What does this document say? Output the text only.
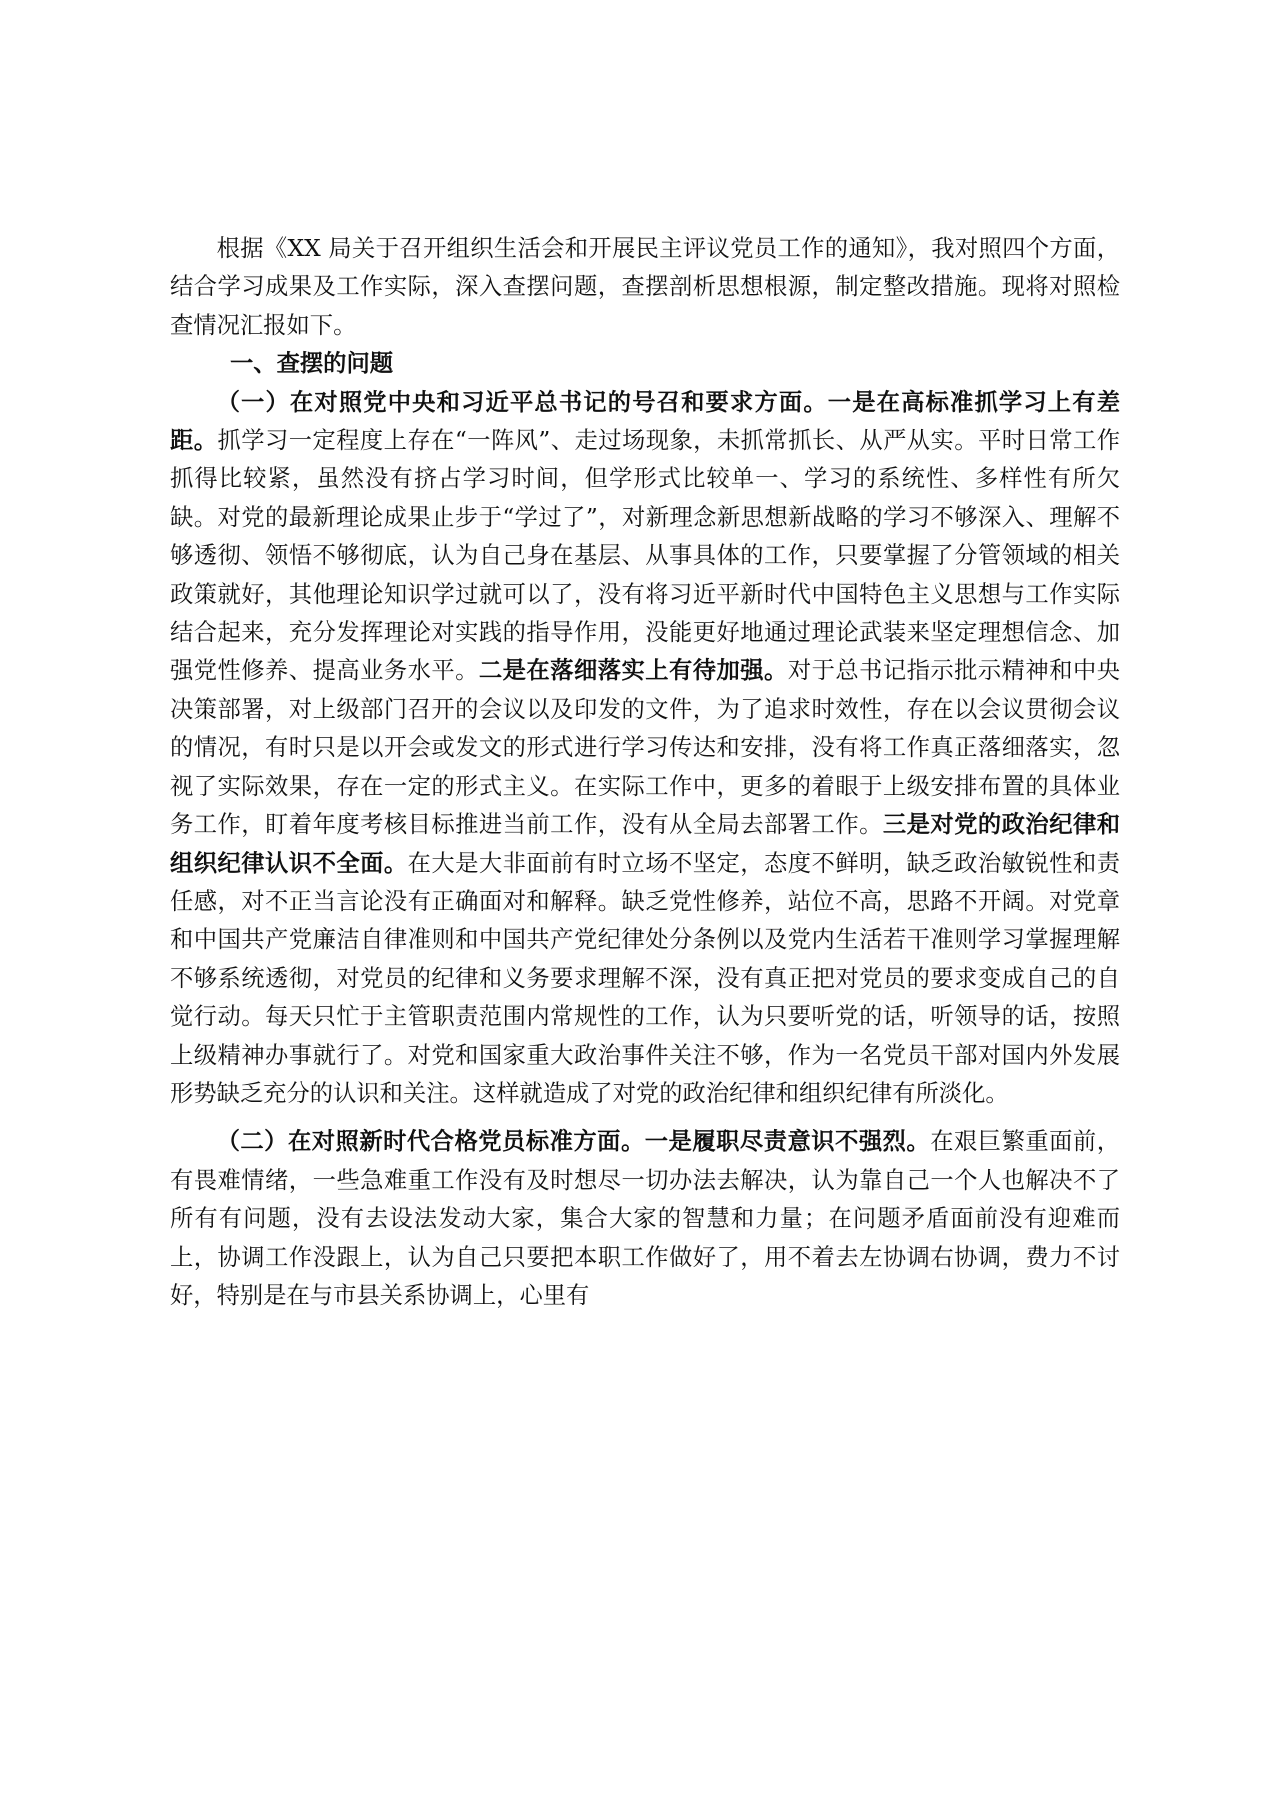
根据《XX 局关于召开组织生活会和开展民主评议党员工作的通知》，我对照四个方面，结合学习成果及工作实际，深入查摆问题，查摆剖析思想根源，制定整改措施。现将对照检查情况汇报如下。

一、查摆的问题

（一）在对照党中央和习近平总书记的号召和要求方面。一是在高标准抓学习上有差距。抓学习一定程度上存在“一阵风”、走过场现象，未抓常抓长、从严从实。平时日常工作抓得比较紧，虽然没有挤占学习时间，但学形式比较单一、学习的系统性、多样性有所欠缺。对党的最新理论成果止步于“学过了”，对新理念新思想新战略的学习不够深入、理解不够透彻、领悟不够彻底，认为自己身在基层、从事具体的工作，只要掌握了分管领域的相关政策就好，其他理论知识学过就可以了，没有将习近平新时代中国特色主义思想与工作实际结合起来，充分发挥理论对实践的指导作用，没能更好地通过理论武装来坚定理想信念、加强党性修养、提高业务水平。二是在落细落实上有待加强。对于总书记指示批示精神和中央决策部署，对上级部门召开的会议以及印发的文件，为了追求时效性，存在以会议贯彻会议的情况，有时只是以开会或发文的形式进行学习传达和安排，没有将工作真正落细落实，忽视了实际效果，存在一定的形式主义。在实际工作中，更多的着眼于上级安排布置的具体业务工作，盯着年度考核目标推进当前工作，没有从全局去部署工作。三是对党的政治纪律和组织纪律认识不全面。在大是大非面前有时立场不坚定，态度不鲜明，缺乏政治敏锐性和责任感，对不正当言论没有正确面对和解释。缺乏党性修养，站位不高，思路不开阔。对党章和中国共产党廉洁自律准则和中国共产党纪律处分条例以及党内生活若干准则学习掌握理解不够系统透彻，对党员的纪律和义务要求理解不深，没有真正把对党员的要求变成自己的自觉行动。每天只忙于主管职责范围内常规性的工作，认为只要听党的话，听领导的话，按照上级精神办事就行了。对党和国家重大政治事件关注不够，作为一名党员干部对国内外发展形势缺乏充分的认识和关注。这样就造成了对党的政治纪律和组织纪律有所淡化。

（二）在对照新时代合格党员标准方面。一是履职尽责意识不强烈。在艰巨繁重面前，有畏难情绪，一些急难重工作没有及时想尽一切办法去解决，认为靠自己一个人也解决不了所有有问题，没有去设法发动大家，集合大家的智慧和力量；在问题矛盾面前没有迎难而上，协调工作没跟上，认为自己只要把本职工作做好了，用不着去左协调右协调，费力不讨好，特别是在与市县关系协调上，心里有
